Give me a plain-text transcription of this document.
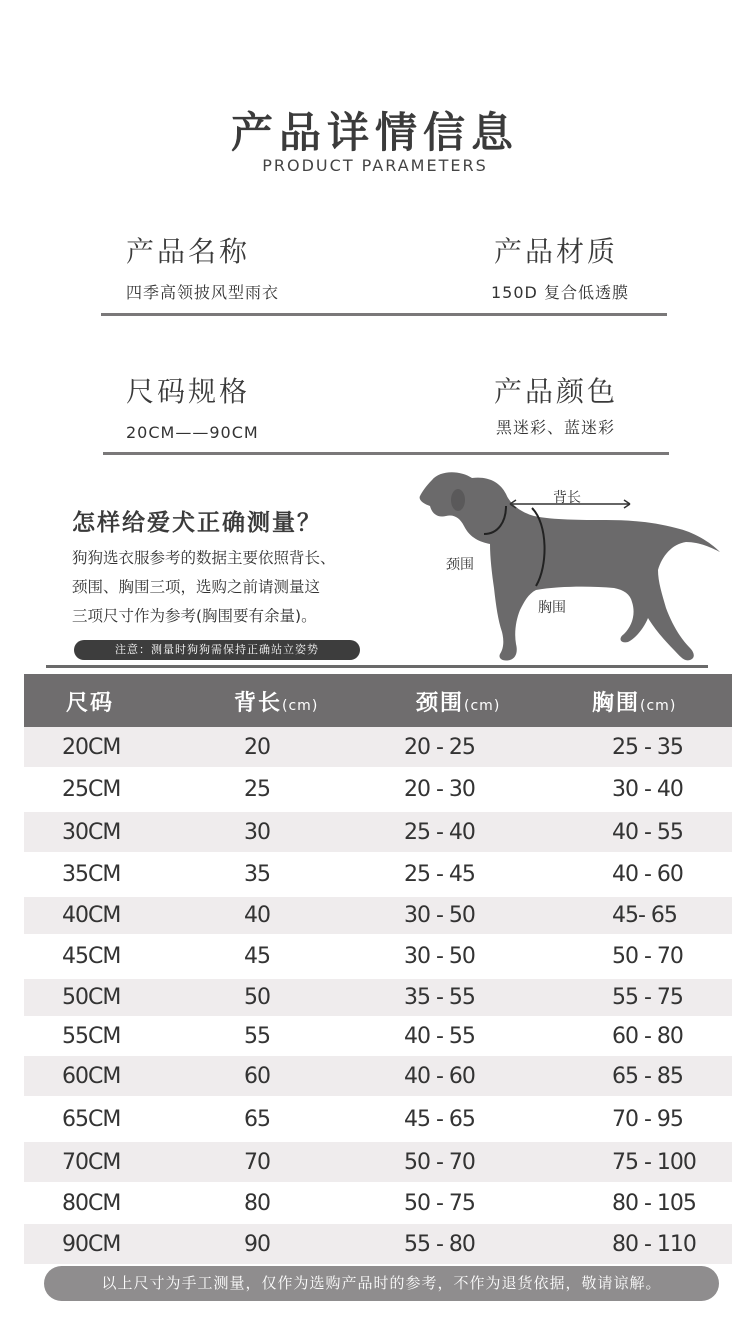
产品详情信息
PRODUCT PARAMETERS
产品名称
四季高领披风型雨衣
产品材质
150D 复合低透膜
尺码规格
20CM——90CM
产品颜色
黑迷彩、蓝迷彩
怎样给爱犬正确测量？
狗狗选衣服参考的数据主要依照背长、
颈围、胸围三项，选购之前请测量这
三项尺寸作为参考(胸围要有余量)。
注意：测量时狗狗需保持正确站立姿势
背长
颈围
胸围
尺码	背长(cm)	颈围(cm)	胸围(cm)
20CM	20	20 - 25	25 - 35
25CM	25	20 - 30	30 - 40
30CM	30	25 - 40	40 - 55
35CM	35	25 - 45	40 - 60
40CM	40	30 - 50	45- 65
45CM	45	30 - 50	50 - 70
50CM	50	35 - 55	55 - 75
55CM	55	40 - 55	60 - 80
60CM	60	40 - 60	65 - 85
65CM	65	45 - 65	70 - 95
70CM	70	50 - 70	75 - 100
80CM	80	50 - 75	80 - 105
90CM	90	55 - 80	80 - 110
以上尺寸为手工测量，仅作为选购产品时的参考，不作为退货依据，敬请谅解。
